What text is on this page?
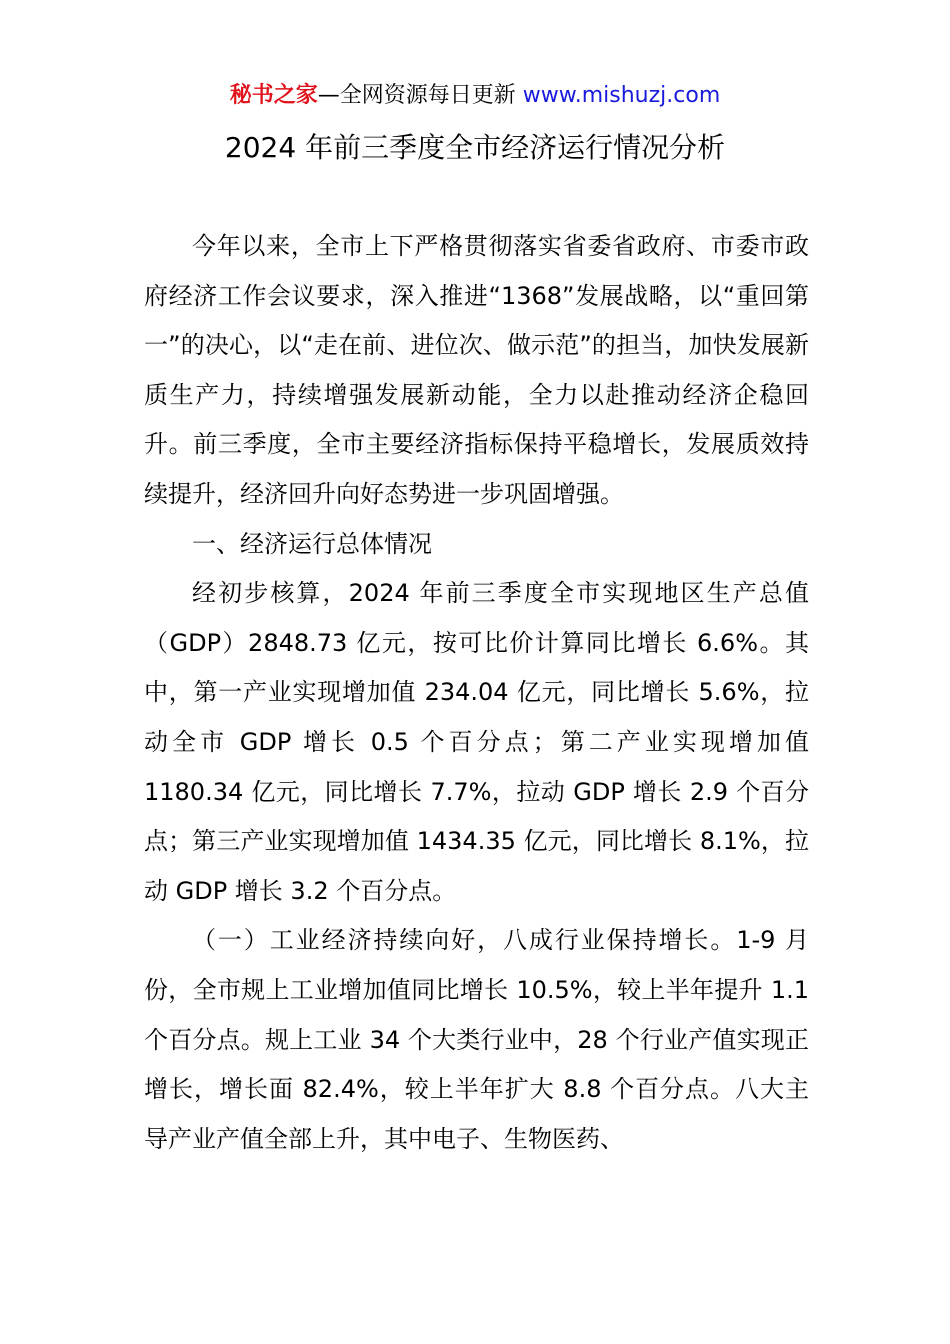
秘书之家—全网资源每日更新 www.mishuzj.com
2024 年前三季度全市经济运行情况分析

今年以来，全市上下严格贯彻落实省委省政府、市委市政府经济工作会议要求，深入推进“1368”发展战略，以“重回第一”的决心，以“走在前、进位次、做示范”的担当，加快发展新质生产力，持续增强发展新动能，全力以赴推动经济企稳回升。前三季度，全市主要经济指标保持平稳增长，发展质效持续提升，经济回升向好态势进一步巩固增强。

一、经济运行总体情况

经初步核算，2024 年前三季度全市实现地区生产总值（GDP）2848.73 亿元，按可比价计算同比增长 6.6%。其中，第一产业实现增加值 234.04 亿元，同比增长 5.6%，拉动全市 GDP 增长 0.5 个百分点；第二产业实现增加值 1180.34 亿元，同比增长 7.7%，拉动 GDP 增长 2.9 个百分点；第三产业实现增加值 1434.35 亿元，同比增长 8.1%，拉动 GDP 增长 3.2 个百分点。

（一）工业经济持续向好，八成行业保持增长。1-9 月份，全市规上工业增加值同比增长 10.5%，较上半年提升 1.1 个百分点。规上工业 34 个大类行业中，28 个行业产值实现正增长，增长面 82.4%，较上半年扩大 8.8 个百分点。八大主导产业产值全部上升，其中电子、生物医药、
